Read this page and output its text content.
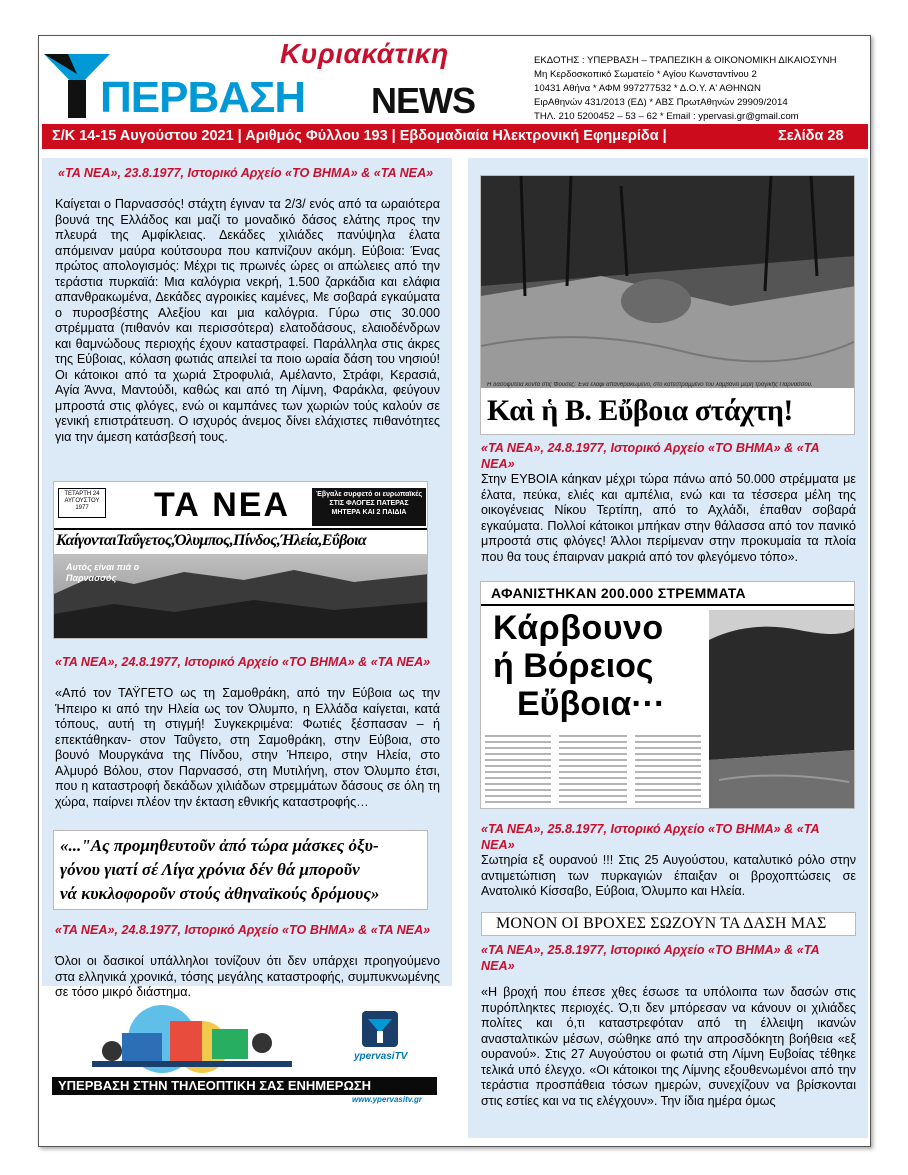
Κυριακάτικη
ΠΕΡΒΑΣΗ NEWS
ΕΚΔΟΤΗΣ : ΥΠΕΡΒΑΣΗ – ΤΡΑΠΕΖΙΚΗ & ΟΙΚΟΝΟΜΙΚΗ ΔΙΚΑΙΟΣΥΝΗ
Μη Κερδοσκοπικό Σωματείο * Αγίου Κωνσταντίνου 2
10431 Αθήνα * ΑΦΜ 997277532 * Δ.Ο.Υ. Α' ΑΘΗΝΩΝ
ΕιρΑθηνών 431/2013 (ΕΔ) * ΑΒΣ ΠρωτΑθηνών 29909/2014
ΤΗΛ. 210 5200452 – 53 – 62 * Email : ypervasi.gr@gmail.com
Σ/Κ 14-15 Αυγούστου 2021 | Αριθμός Φύλλου 193 | Εβδομαδιαία Ηλεκτρονική Εφημερίδα |	Σελίδα 28
«ΤΑ ΝΕΑ», 23.8.1977, Ιστορικό Αρχείο «ΤΟ ΒΗΜΑ» & «ΤΑ ΝΕΑ»
Καίγεται ο Παρνασσός! στάχτη έγιναν τα 2/3/ ενός από τα ωραιότερα βουνά της Ελλάδος και μαζί το μοναδικό δάσος ελάτης προς την πλευρά της Αμφίκλειας. Δεκάδες χιλιάδες πανύψηλα έλατα απόμειναν μαύρα κούτσουρα που καπνίζουν ακόμη. Εύβοια: Ένας πρώτος απολογισμός: Μέχρι τις πρωινές ώρες οι απώλειες από την τεράστια πυρκαϊά: Μια καλόγρια νεκρή, 1.500 ζαρκάδια και ελάφια απανθρακωμένα, Δεκάδες αγροικίες καμένες, Με σοβαρά εγκαύματα ο πυροσβέστης Αλεξίου και μια καλόγρια. Γύρω στις 30.000 στρέμματα (πιθανόν και περισσότερα) ελατοδάσους, ελαιοδένδρων και θαμνώδους περιοχής έχουν καταστραφεί. Παράλληλα στις άκρες της Εύβοιας, κόλαση φωτιάς απειλεί τα ποιο ωραία δάση του νησιού! Οι κάτοικοι από τα χωριά Στροφυλιά, Αμέλαντο, Στράφι, Κερασιά, Αγία Άννα, Μαντούδι, καθώς και από τη Λίμνη, Φαράκλα, φεύγουν μπροστά στις φλόγες, ενώ οι καμπάνες των χωριών τούς καλούν σε γενική επιστράτευση. Ο ισχυρός άνεμος δίνει ελάχιστες πιθανότητες για την άμεση κατάσβεσή τους.
ΤΕΤΑΡΤΗ 24 ΑΥΓΟΥΣΤΟΥ 1977	ΤΑ ΝΕΑ	Έβγαλε συρφετό οι ευρωπαϊκές ΣΤΙΣ ΦΛΟΓΕΣ ΠΑΤΕΡΑΣ ΜΗΤΕΡΑ ΚΑΙ 2 ΠΑΙΔΙΑ
ΚαίγονταιΤαΰγετος,Όλυμπος,Πίνδος,Ήλεία,Εΰβοια
Αυτός είναι πιά ο Παρνασσός
«ΤΑ ΝΕΑ», 24.8.1977, Ιστορικό Αρχείο «ΤΟ ΒΗΜΑ» & «ΤΑ ΝΕΑ»
«Από τον ΤΑΫΓΕΤΟ ως τη Σαμοθράκη, από την Εύβοια ως την Ήπειρο κι από την Ηλεία ως τον Όλυμπο, η Ελλάδα καίγεται, κατά τόπους, αυτή τη στιγμή! Συγκεκριμένα: Φωτιές ξέσπασαν – ή επεκτάθηκαν- στον Ταΰγετο, στη Σαμοθράκη, στην Εύβοια, στο βουνό Μουργκάνα της Πίνδου, στην Ήπειρο, στην Ηλεία, στο Αλμυρό Βόλου, στον Παρνασσό, στη Μυτιλήνη, στον Όλυμπο έτσι, που η καταστροφή δεκάδων χιλιάδων στρεμμάτων δάσους σε όλη τη χώρα, παίρνει πλέον την έκταση εθνικής καταστροφής…
«..."Ας προμηθευτοῦν ἀπό τώρα μάσκες ὀξυ-
γόνου γιατί σέ Λίγα χρόνια δέν θά μποροῦν
νά κυκλοφοροῦν στούς ἀθηναϊκούς δρόμους»
«ΤΑ ΝΕΑ», 24.8.1977, Ιστορικό Αρχείο «ΤΟ ΒΗΜΑ» & «ΤΑ ΝΕΑ»
Όλοι οι δασικοί υπάλληλοι τονίζουν ότι δεν υπάρχει προηγούμενο στα ελληνικά χρονικά, τόσης μεγάλης καταστροφής, συμπυκνωμένης σε τόσο μικρό διάστημα.
ypervasiTV
ΥΠΕΡΒΑΣΗ ΣΤΗΝ ΤΗΛΕΟΠΤΙΚΗ ΣΑΣ ΕΝΗΜΕΡΩΣΗ
www.ypervasitv.gr
Η δασοφυτεία κοντά στις Φούσες: Ένα έλαφι απανθρακωμένο, στό κατεστραμμένο τοῦ λαμβάνει μέρη τραγικῆς Παρνασσοῦ.
Καὶ ἡ Β. Εὔβοια στάχτη!
«ΤΑ ΝΕΑ», 24.8.1977, Ιστορικό Αρχείο «ΤΟ ΒΗΜΑ» & «ΤΑ ΝΕΑ»
Στην ΕΥΒΟΙΑ κάηκαν μέχρι τώρα πάνω από 50.000 στρέμματα με έλατα, πεύκα, ελιές και αμπέλια, ενώ και τα τέσσερα μέλη της οικογένειας Νίκου Τερτίπη, από το Αχλάδι, έπαθαν σοβαρά εγκαύματα. Πολλοί κάτοικοι μπήκαν στην θάλασσα από τον πανικό μπροστά στις φλόγες! Άλλοι περίμεναν στην προκυμαία τα πλοία που θα τους έπαιρναν μακριά από τον φλεγόμενο τόπο».
ΑΦΑΝΙΣΤΗΚΑΝ 200.000 ΣΤΡΕΜΜΑΤΑ
Κάρβουνο
ή Βόρειος
Εὔβοια···
«ΤΑ ΝΕΑ», 25.8.1977, Ιστορικό Αρχείο «ΤΟ ΒΗΜΑ» & «ΤΑ ΝΕΑ»
Σωτηρία εξ ουρανού !!! Στις 25 Αυγούστου, καταλυτικό ρόλο στην αντιμετώπιση των πυρκαγιών έπαιξαν οι βροχοπτώσεις σε Ανατολικό Κίσσαβο, Εύβοια, Όλυμπο και Ηλεία.
ΜΟΝΟΝ ΟΙ ΒΡΟΧΕΣ ΣΩΖΟΥΝ ΤΑ ΔΑΣΗ ΜΑΣ
«ΤΑ ΝΕΑ», 25.8.1977, Ιστορικό Αρχείο «ΤΟ ΒΗΜΑ» & «ΤΑ ΝΕΑ»
«Η βροχή που έπεσε χθες έσωσε τα υπόλοιπα των δασών στις πυρόπληκτες περιοχές. Ό,τι δεν μπόρεσαν να κάνουν οι χιλιάδες πολίτες και ό,τι καταστρεφόταν από τη έλλειψη ικανών ανασταλτικών μέσων, σώθηκε από την απροσδόκητη βοήθεια «εξ ουρανού». Στις 27 Αυγούστου οι φωτιά στη Λίμνη Ευβοίας τέθηκε τελικά υπό έλεγχο. «Οι κάτοικοι της Λίμνης εξουθενωμένοι από την τεράστια προσπάθεια τόσων ημερών, συνεχίζουν να βρίσκονται στις εστίες και να τις ελέγχουν». Την ίδια ημέρα όμως
